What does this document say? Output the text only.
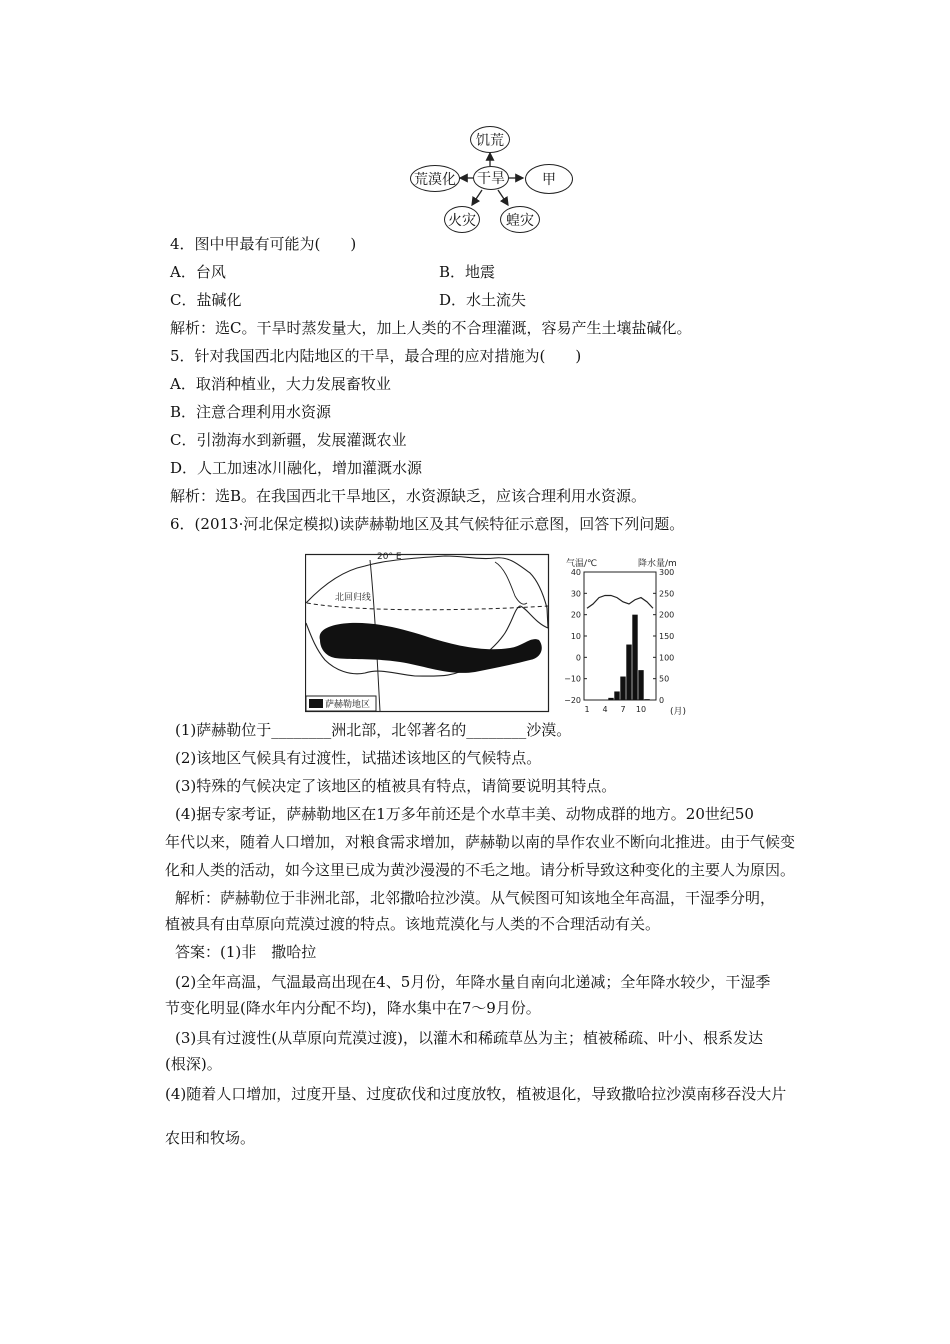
饥荒
荒漠化 干旱	甲
火灾	蝗灾
4．图中甲最有可能为(　　)
A．台风	B．地震
C．盐碱化	D．水土流失
解析：选C。干旱时蒸发量大，加上人类的不合理灌溉，容易产生土壤盐碱化。
5．针对我国西北内陆地区的干旱，最合理的应对措施为(　　)
A．取消种植业，大力发展畜牧业
B．注意合理利用水资源
C．引渤海水到新疆，发展灌溉农业
D．人工加速冰川融化，增加灌溉水源
解析：选B。在我国西北干旱地区，水资源缺乏，应该合理利用水资源。
6．(2013·河北保定模拟)读萨赫勒地区及其气候特征示意图，回答下列问题。
20° E
北回归线
萨赫勒地区
气温/℃	降水量/m
(月)
40
30
20
10
0
−10
−20
300
250
200
150
100
50
0
1 4 7 10
(1)萨赫勒位于________洲北部，北邻著名的________沙漠。
(2)该地区气候具有过渡性，试描述该地区的气候特点。
(3)特殊的气候决定了该地区的植被具有特点，请简要说明其特点。
(4)据专家考证，萨赫勒地区在1万多年前还是个水草丰美、动物成群的地方。20世纪50
年代以来，随着人口增加，对粮食需求增加，萨赫勒以南的旱作农业不断向北推进。由于气候变
化和人类的活动，如今这里已成为黄沙漫漫的不毛之地。请分析导致这种变化的主要人为原因。
解析：萨赫勒位于非洲北部，北邻撒哈拉沙漠。从气候图可知该地全年高温，干湿季分明，
植被具有由草原向荒漠过渡的特点。该地荒漠化与人类的不合理活动有关。
答案：(1)非　撒哈拉
(2)全年高温，气温最高出现在4、5月份，年降水量自南向北递减；全年降水较少，干湿季
节变化明显(降水年内分配不均)，降水集中在7～9月份。
(3)具有过渡性(从草原向荒漠过渡)，以灌木和稀疏草丛为主；植被稀疏、叶小、根系发达
(根深)。
(4)随着人口增加，过度开垦、过度砍伐和过度放牧，植被退化，导致撒哈拉沙漠南移吞没大片
农田和牧场。
